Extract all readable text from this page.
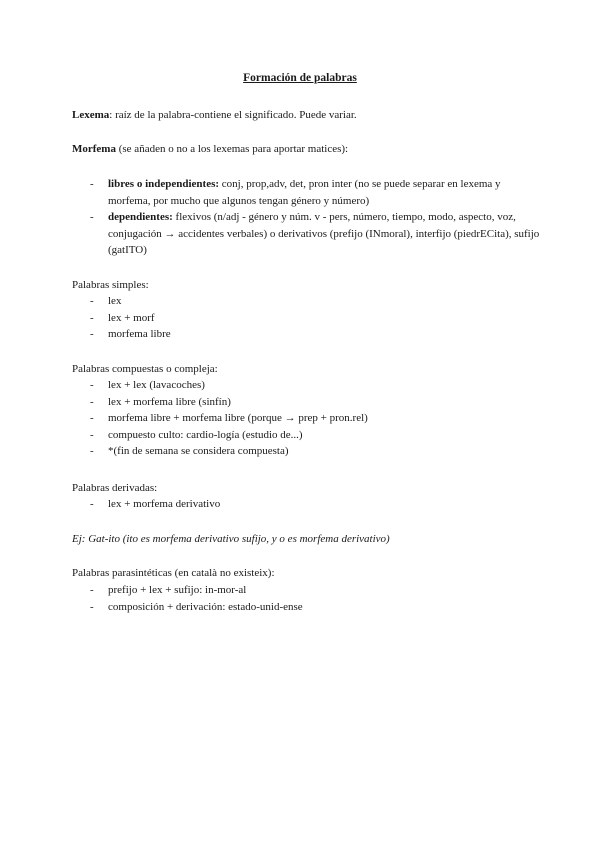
Formación de palabras
Lexema: raíz de la palabra-contiene el significado. Puede variar.
Morfema (se añaden o no a los lexemas para aportar matices):
- libres o independientes: conj, prop,adv, det, pron inter (no se puede separar en lexema y morfema, por mucho que algunos tengan género y número)
- dependientes: flexivos (n/adj - género y núm. v - pers, número, tiempo, modo, aspecto, voz, conjugación → accidentes verbales) o derivativos (prefijo (INmoral), interfijo (piedrECita), sufijo (gatITO)
Palabras simples:
- lex
- lex + morf
- morfema libre
Palabras compuestas o compleja:
- lex + lex (lavacoches)
- lex + morfema libre (sinfín)
- morfema libre + morfema libre (porque → prep + pron.rel)
- compuesto culto: cardio-logía (estudio de...)
- *(fin de semana se considera compuesta)
Palabras derivadas:
- lex + morfema derivativo
Ej: Gat-ito (ito es morfema derivativo sufijo, y o es morfema derivativo)
Palabras parasintéticas (en català no existeix):
- prefijo + lex + sufijo: in-mor-al
- composición + derivación: estado-unid-ense
